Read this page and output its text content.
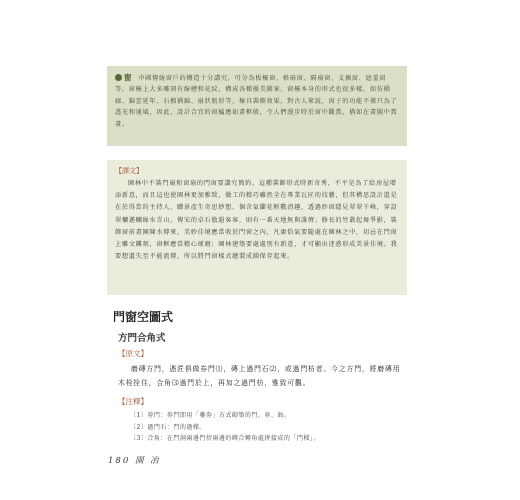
窗 中國傳統窗戶的構造十分講究，可分為板欞窗、格扇窗、隔扇窗、支摘窗、遮羞窗等，窗欞上大多雕刻有線槽和花紋，構成各種優美圖案。窗欞本身的形式也很多樣，如仿橋廊、錦雲延年、石榴猶錦、扇狀瓶形等，極具裝飾效果，對古人來說，窗子的功能不僅只為了透光和通風，因此，設計合宜的窗櫺應如畫框般，令人們漫步時於窗中觀賞，猶如在畫圖中賞畫。
【譯文】
園林中不裝門扇和窗扇的門窗要講究簡約，這種裝飾形式時新奇秀，不平是為了給房屋增添新意，而且這也使園林更加雅致，做工的精巧雖然全在專業瓦匠的技藝，但其構思設計還是在於得當的主持人。購景產生奇思妙想，個含氣蘭花輕數清趣，透過紗窗隱見翠翠千峰，穿設翠欄邁欄綠水青山，傳宋的卓石傲遐客客，則有一番天地無與誰儕；修長的竹叢起舞爭影，裝飾窗前畫園陳水傳來，美妙佳境應當收於門窗之內，凡庸俗氣要隨處在園林之中，切忌在門窗上雕文鏤刻，窗框應當精心琢磨；園林建築要處處別有新意，才可顯出迷惑形成美景佳境。我要想遺失至不能流傳，所以將門窗樣式繪製成圖保存起來。
門窗空圖式
方門合角式
【原文】
磨磚方門，憑匠俱做券門⑴，磚上過門石⑵，或過門枋者。今之方門，將磨磚用木栓拴住，合角⑶過門於上，再加之過門枋，雅致可觀。
【注釋】
〔1〕券門：券門即用「疊券」方式砌築的門，券、曲。
〔2〕過門石：門的過樑。
〔3〕合角：在門洞兩邊門傍兩邊的磚合轉角處拼接成的「門樑」。
180 園 冶
